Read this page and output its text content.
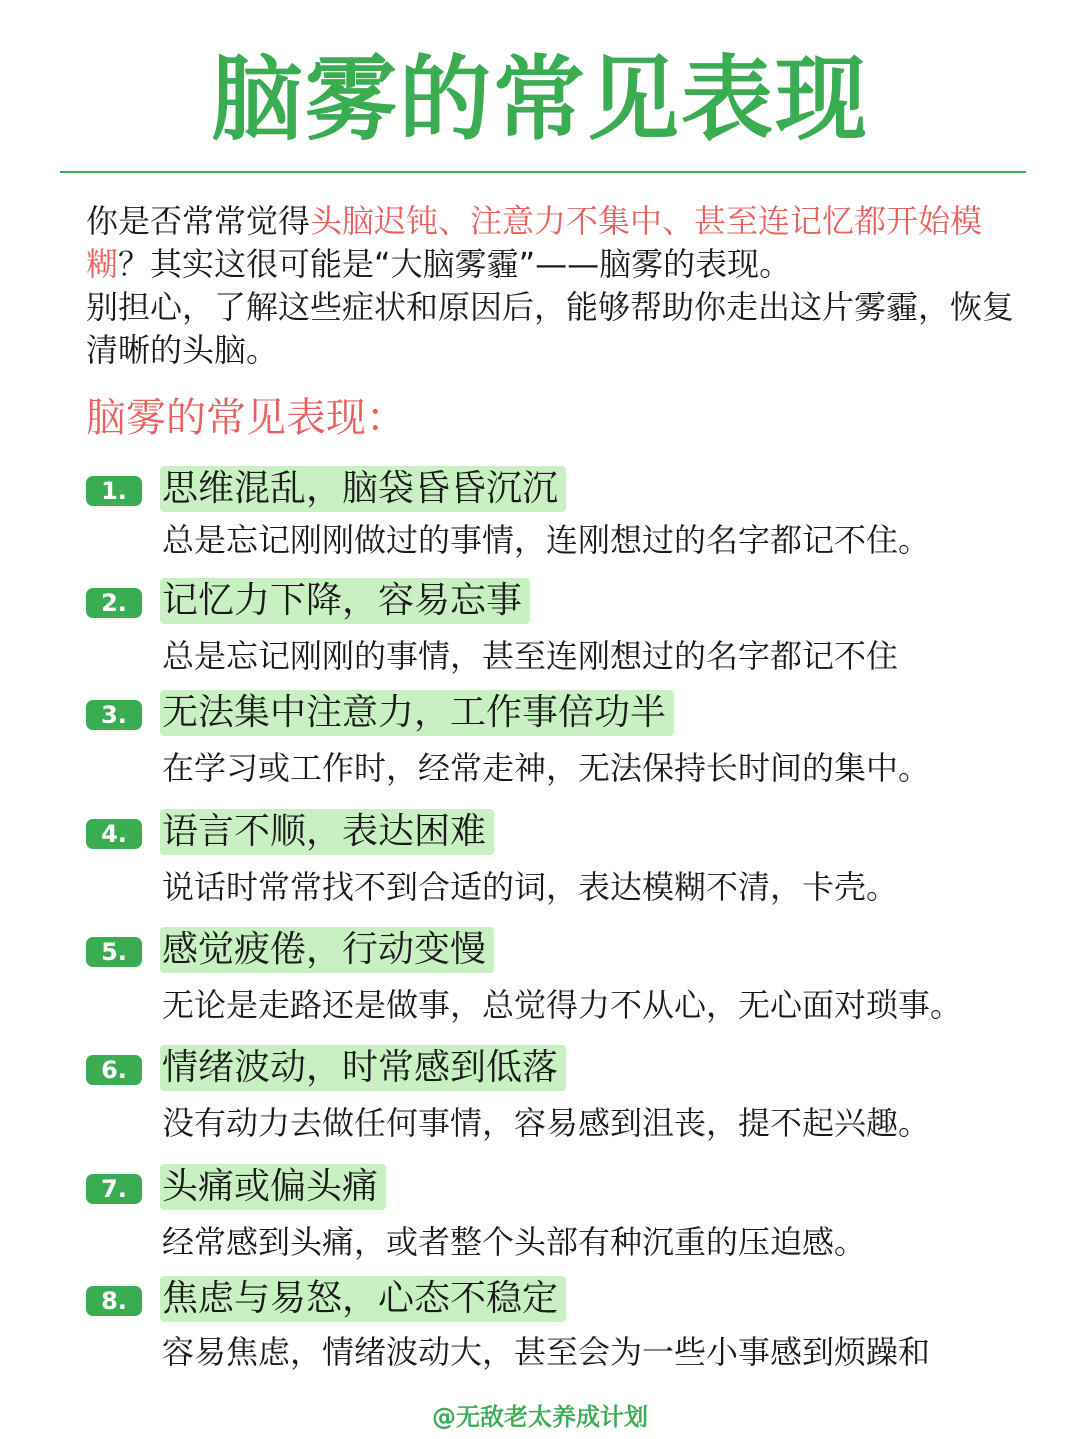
脑雾的常见表现
你是否常常觉得头脑迟钝、注意力不集中、甚至连记忆都开始模糊？其实这很可能是“大脑雾霾”——脑雾的表现。
别担心，了解这些症状和原因后，能够帮助你走出这片雾霾，恢复清晰的头脑。
脑雾的常见表现：
1. 思维混乱，脑袋昏昏沉沉
总是忘记刚刚做过的事情，连刚想过的名字都记不住。
2. 记忆力下降，容易忘事
总是忘记刚刚的事情，甚至连刚想过的名字都记不住
3. 无法集中注意力，工作事倍功半
在学习或工作时，经常走神，无法保持长时间的集中。
4. 语言不顺，表达困难
说话时常常找不到合适的词，表达模糊不清，卡壳。
5. 感觉疲倦，行动变慢
无论是走路还是做事，总觉得力不从心，无心面对琐事。
6. 情绪波动，时常感到低落
没有动力去做任何事情，容易感到沮丧，提不起兴趣。
7. 头痛或偏头痛
经常感到头痛，或者整个头部有种沉重的压迫感。
8. 焦虑与易怒，心态不稳定
容易焦虑，情绪波动大，甚至会为一些小事感到烦躁和
@无敌老太养成计划
